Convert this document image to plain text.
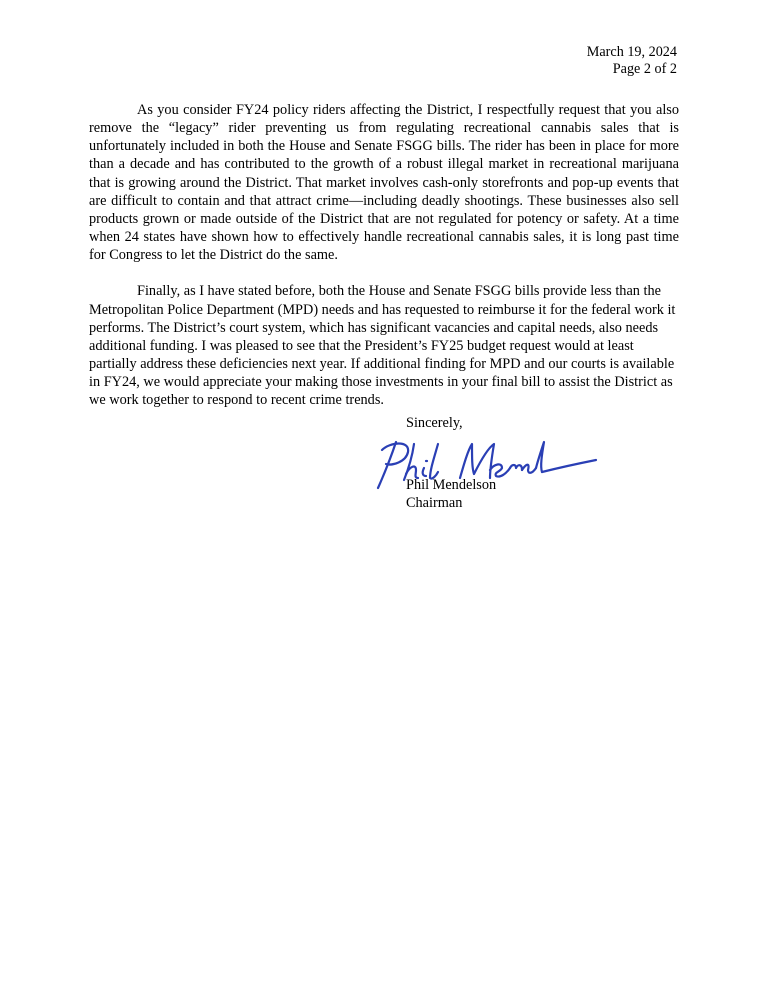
March 19, 2024
Page 2 of 2

As you consider FY24 policy riders affecting the District, I respectfully request that you also remove the “legacy” rider preventing us from regulating recreational cannabis sales that is unfortunately included in both the House and Senate FSGG bills. The rider has been in place for more than a decade and has contributed to the growth of a robust illegal market in recreational marijuana that is growing around the District. That market involves cash-only storefronts and pop-up events that are difficult to contain and that attract crime—including deadly shootings. These businesses also sell products grown or made outside of the District that are not regulated for potency or safety. At a time when 24 states have shown how to effectively handle recreational cannabis sales, it is long past time for Congress to let the District do the same.

Finally, as I have stated before, both the House and Senate FSGG bills provide less than the Metropolitan Police Department (MPD) needs and has requested to reimburse it for the federal work it performs. The District’s court system, which has significant vacancies and capital needs, also needs additional funding. I was pleased to see that the President’s FY25 budget request would at least partially address these deficiencies next year. If additional finding for MPD and our courts is available in FY24, we would appreciate your making those investments in your final bill to assist the District as we work together to respond to recent crime trends.

Sincerely,
Phil Mendelson
Chairman
